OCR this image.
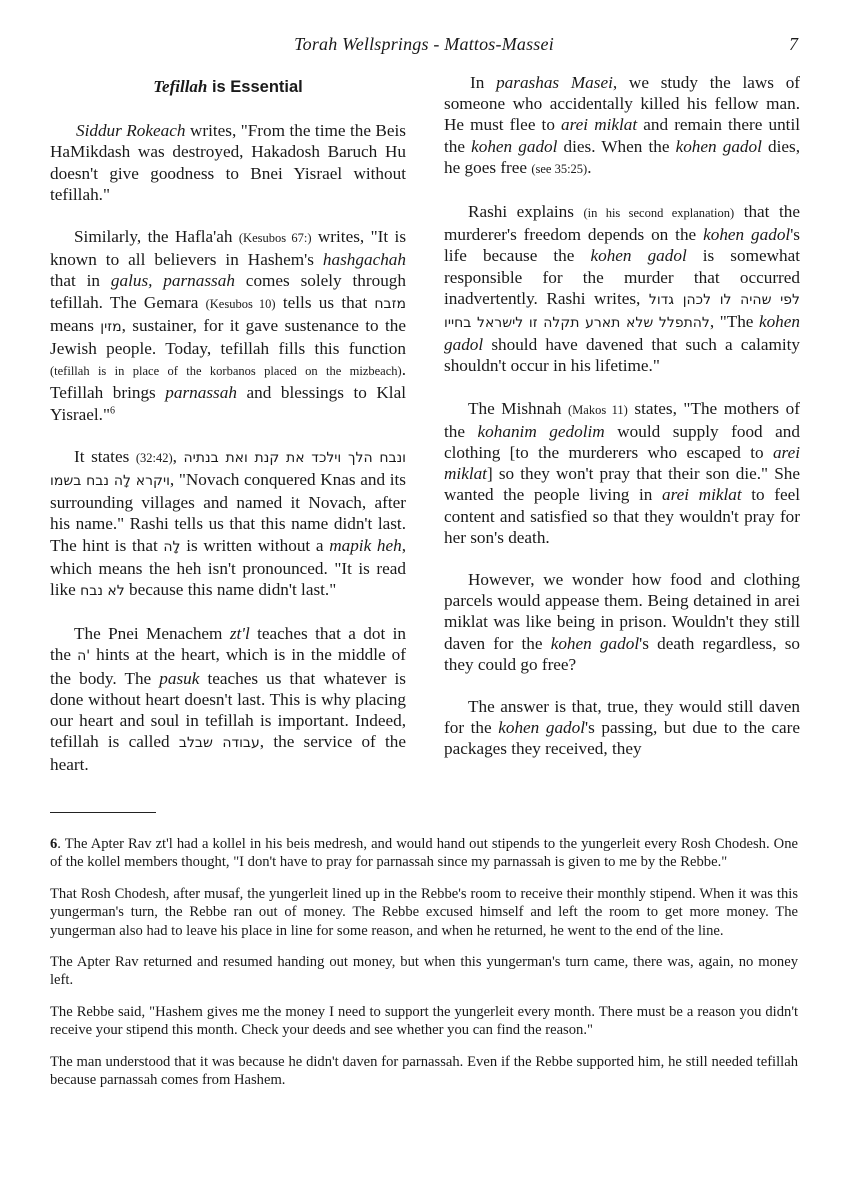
Torah Wellsprings - Mattos-Massei	7
Tefillah is Essential

Siddur Rokeach writes, "From the time the Beis HaMikdash was destroyed, Hakadosh Baruch Hu doesn't give goodness to Bnei Yisrael without tefillah."

Similarly, the Hafla'ah (Kesubos 67:) writes, "It is known to all believers in Hashem's hashgachah that in galus, parnassah comes solely through tefillah. The Gemara (Kesubos 10) tells us that מזבח means מזין, sustainer, for it gave sustenance to the Jewish people. Today, tefillah fills this function (tefillah is in place of the korbanos placed on the mizbeach). Tefillah brings parnassah and blessings to Klal Yisrael."$^6$

It states (32:42), ונבח הלך וילכד את קנת ואת בנתיה ויקרא לָה נבח בשמו, "Novach conquered Knas and its surrounding villages and named it Novach, after his name." Rashi tells us that this name didn't last. The hint is that לָה is written without a mapik heh, which means the heh isn't pronounced. "It is read like לא נבח because this name didn't last."

The Pnei Menachem zt'l teaches that a dot in the 'ה hints at the heart, which is in the middle of the body. The pasuk teaches us that whatever is done without heart doesn't last. This is why placing our heart and soul in tefillah is important. Indeed, tefillah is called עבודה שבלב, the service of the heart.

In parashas Masei, we study the laws of someone who accidentally killed his fellow man. He must flee to arei miklat and remain there until the kohen gadol dies. When the kohen gadol dies, he goes free (see 35:25).

Rashi explains (in his second explanation) that the murderer's freedom depends on the kohen gadol's life because the kohen gadol is somewhat responsible for the murder that occurred inadvertently. Rashi writes, לפי שהיה לו לכהן גדול להתפלל שלא תארע תקלה זו לישראל בחייו, "The kohen gadol should have davened that such a calamity shouldn't occur in his lifetime."

The Mishnah (Makos 11) states, "The mothers of the kohanim gedolim would supply food and clothing [to the murderers who escaped to arei miklat] so they won't pray that their son die." She wanted the people living in arei miklat to feel content and satisfied so that they wouldn't pray for her son's death.

However, we wonder how food and clothing parcels would appease them. Being detained in arei miklat was like being in prison. Wouldn't they still daven for the kohen gadol's death regardless, so they could go free?

The answer is that, true, they would still daven for the kohen gadol's passing, but due to the care packages they received, they

6. The Apter Rav zt'l had a kollel in his beis medresh, and would hand out stipends to the yungerleit every Rosh Chodesh. One of the kollel members thought, "I don't have to pray for parnassah since my parnassah is given to me by the Rebbe."

That Rosh Chodesh, after musaf, the yungerleit lined up in the Rebbe's room to receive their monthly stipend. When it was this yungerman's turn, the Rebbe ran out of money. The Rebbe excused himself and left the room to get more money. The yungerman also had to leave his place in line for some reason, and when he returned, he went to the end of the line.

The Apter Rav returned and resumed handing out money, but when this yungerman's turn came, there was, again, no money left.

The Rebbe said, "Hashem gives me the money I need to support the yungerleit every month. There must be a reason you didn't receive your stipend this month. Check your deeds and see whether you can find the reason."

The man understood that it was because he didn't daven for parnassah. Even if the Rebbe supported him, he still needed tefillah because parnassah comes from Hashem.
